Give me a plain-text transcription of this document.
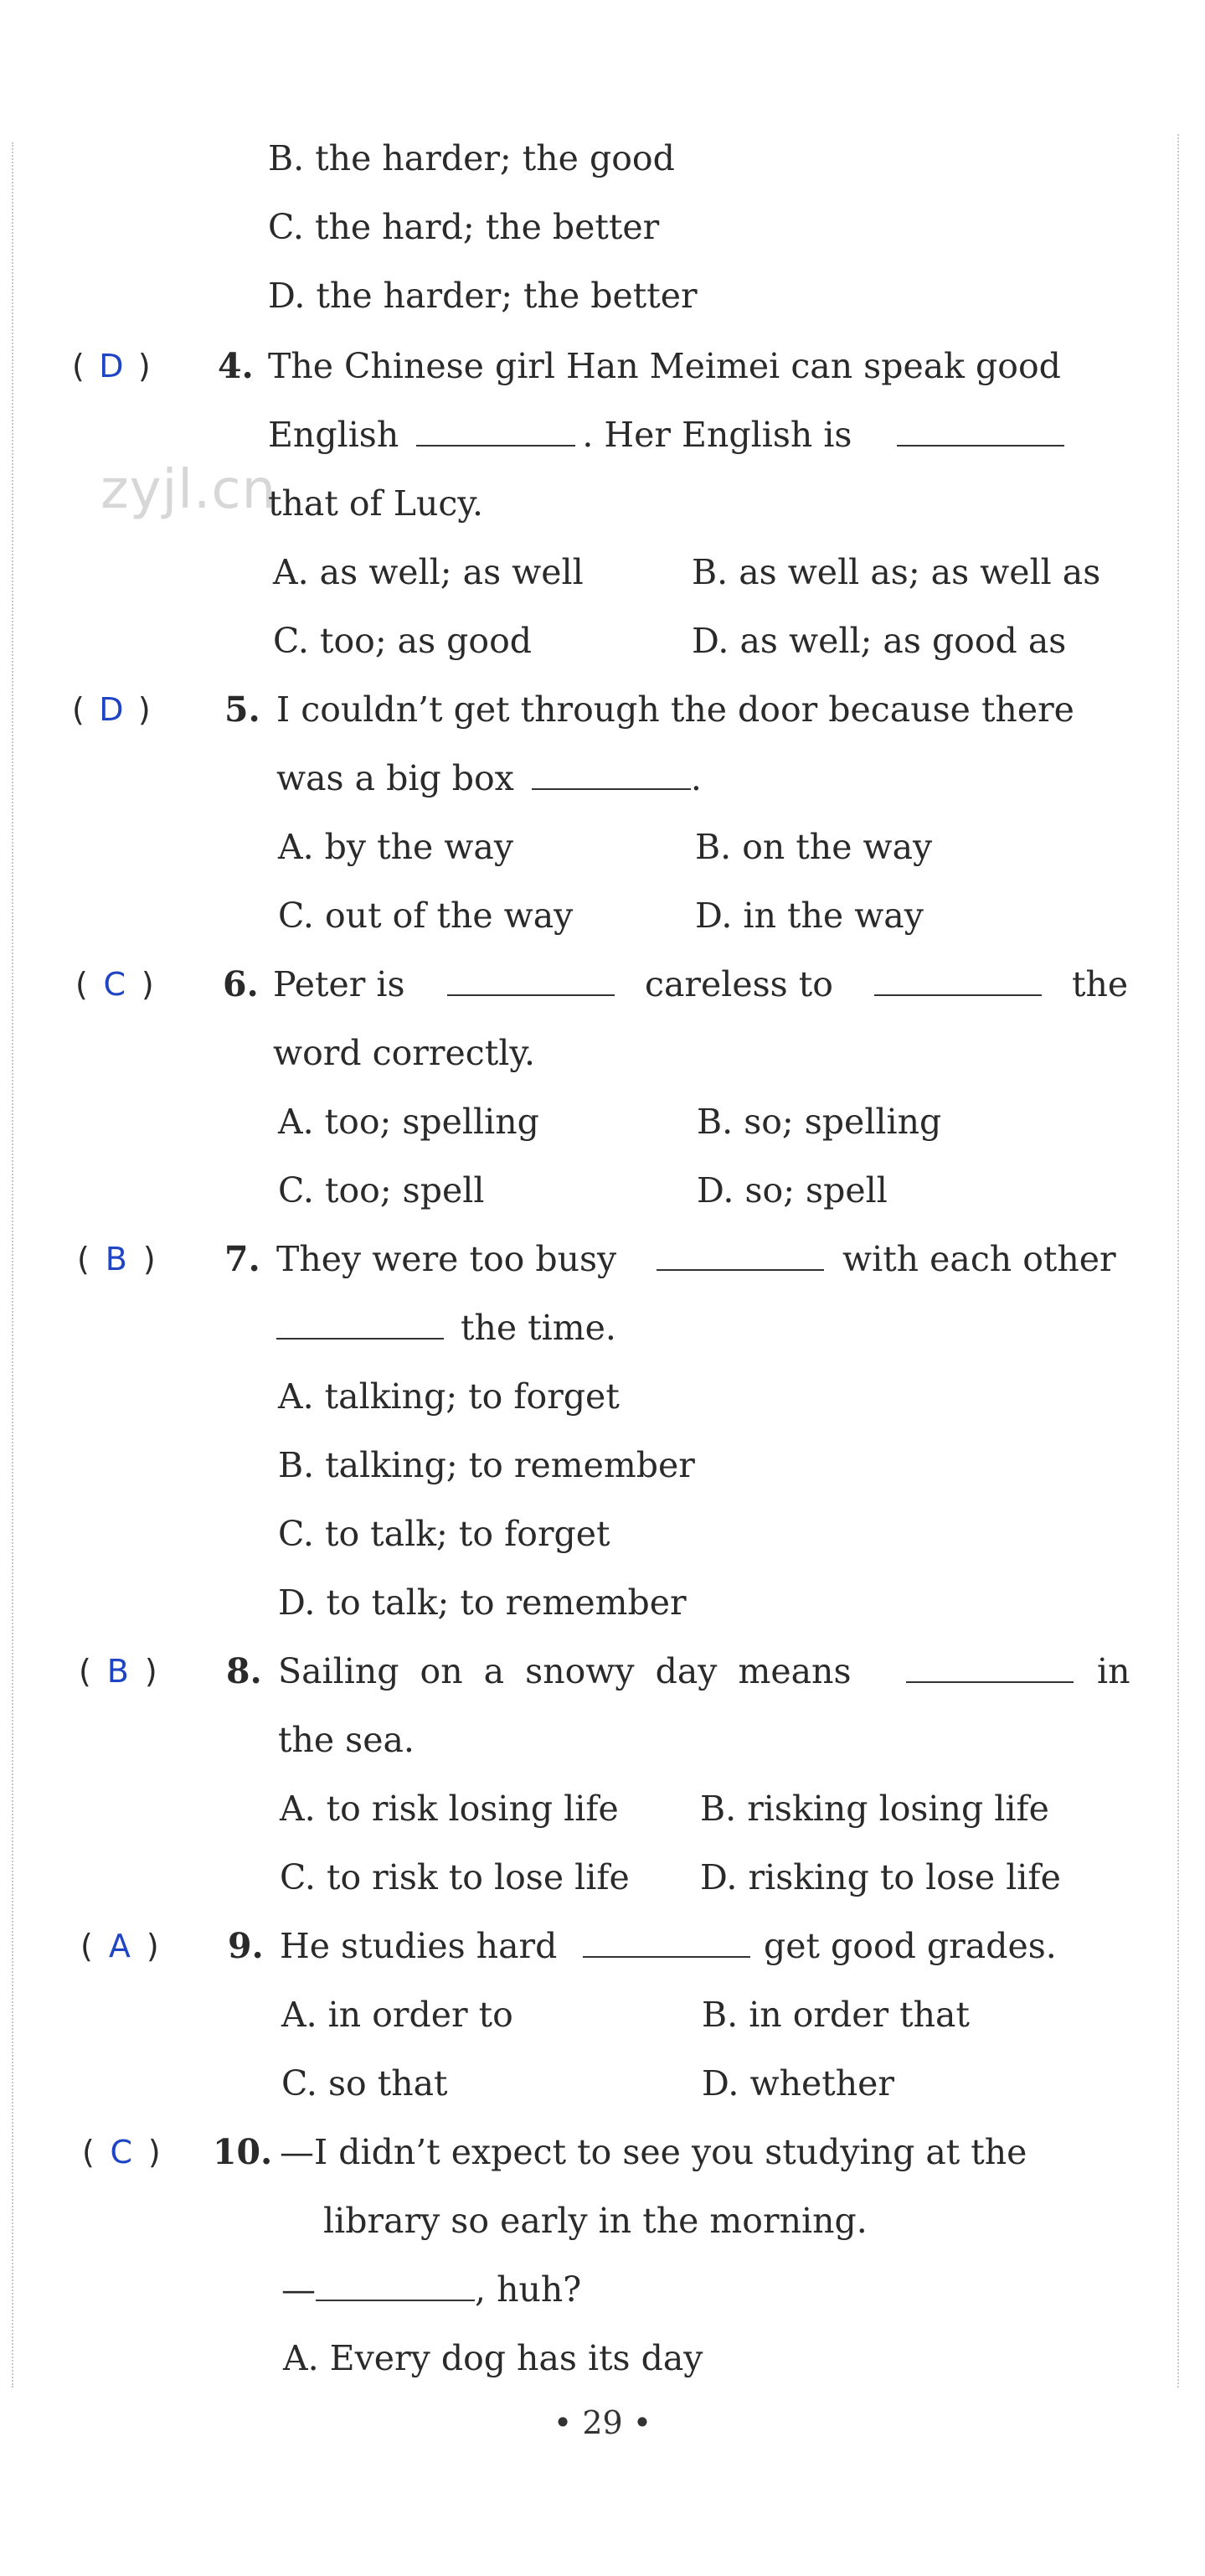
zyjl.cn
B. the harder; the good
C. the hard; the better
D. the harder; the better
( D ) 4. The Chinese girl Han Meimei can speak good
English	. Her English is
that of Lucy.
A. as well; as well	B. as well as; as well as
C. too; as good	D. as well; as good as
( D ) 5. I couldn’t get through the door because there
was a big box	.
A. by the way	B. on the way
C. out of the way	D. in the way
( C ) 6. Peter is	careless to	the
word correctly.
A. too; spelling	B. so; spelling
C. too; spell	D. so; spell
( B ) 7. They were too busy	with each other
the time.
A. talking; to forget
B. talking; to remember
C. to talk; to forget
D. to talk; to remember
( B ) 8. Sailing on a snowy day means	in
the sea.
A. to risk losing life B. risking losing life
C. to risk to lose life D. risking to lose life
( A ) 9. He studies hard	get good grades.
A. in order to	B. in order that
C. so that	D. whether
( C ) 10. —I didn’t expect to see you studying at the
library so early in the morning.
—	, huh?
A. Every dog has its day
• 29 •
